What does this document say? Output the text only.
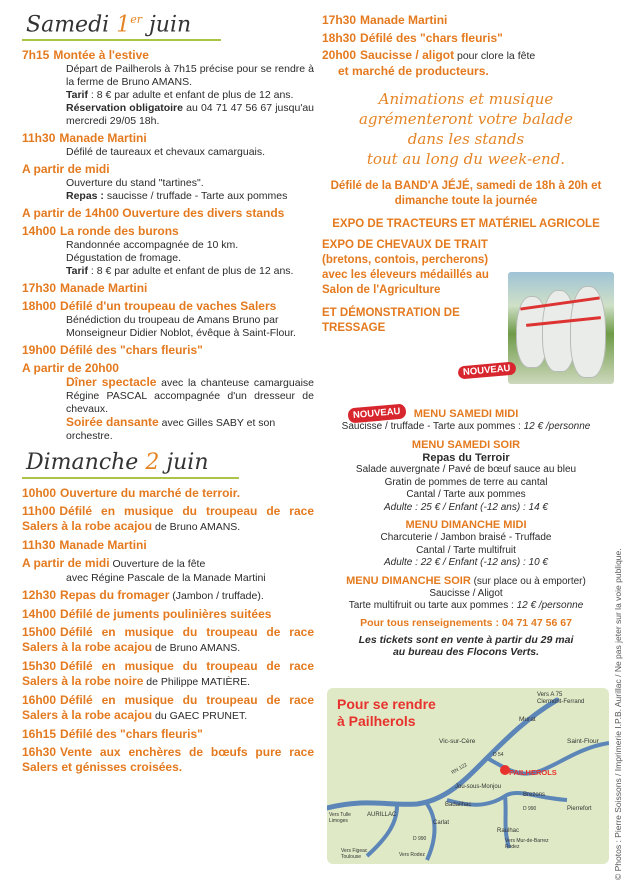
Samedi 1er juin
7h15 Montée à l'estive
Départ de Pailherols à 7h15 précise pour se rendre à la ferme de Bruno AMANS.
Tarif : 8 € par adulte et enfant de plus de 12 ans.
Réservation obligatoire au 04 71 47 56 67 jusqu'au mercredi 29/05 18h.
11h30 Manade Martini
Défilé de taureaux et chevaux camarguais.
A partir de midi
Ouverture du stand "tartines".
Repas : saucisse / truffade - Tarte aux pommes
A partir de 14h00 Ouverture des divers stands
14h00 La ronde des burons
Randonnée accompagnée de 10 km.
Dégustation de fromage.
Tarif : 8 € par adulte et enfant de plus de 12 ans.
17h30 Manade Martini
18h00 Défilé d'un troupeau de vaches Salers
Bénédiction du troupeau de Amans Bruno par Monseigneur Didier Noblot, évêque à Saint-Flour.
19h00 Défilé des "chars fleuris"
A partir de 20h00
Dîner spectacle avec la chanteuse camarguaise Régine PASCAL accompagnée d'un dresseur de chevaux.
Soirée dansante avec Gilles SABY et son orchestre.
Dimanche 2 juin
10h00 Ouverture du marché de terroir.
11h00 Défilé en musique du troupeau de race Salers à la robe acajou de Bruno AMANS.
11h30 Manade Martini
A partir de midi Ouverture de la fête
avec Régine Pascale de la Manade Martini
12h30 Repas du fromager (Jambon / truffade).
14h00 Défilé de juments poulinières suitées
15h00 Défilé en musique du troupeau de race Salers à la robe acajou de Bruno AMANS.
15h30 Défilé en musique du troupeau de race Salers à la robe noire de Philippe MATIÈRE.
16h00 Défilé en musique du troupeau de race Salers à la robe acajou du GAEC PRUNET.
16h15 Défilé des "chars fleuris"
16h30 Vente aux enchères de bœufs pure race Salers et génisses croisées.
17h30 Manade Martini
18h30 Défilé des "chars fleuris"
20h00 Saucisse / aligot pour clore la fête
et marché de producteurs.
Animations et musique
agrémenteront votre balade
dans les stands
tout au long du week-end.
Défilé de la BAND'A JÉJÉ, samedi de 18h à 20h et dimanche toute la journée
EXPO DE TRACTEURS ET MATÉRIEL AGRICOLE
EXPO DE CHEVAUX DE TRAIT (bretons, contois, percherons) avec les éleveurs médaillés au Salon de l'Agriculture
ET DÉMONSTRATION DE TRESSAGE
NOUVEAU
NOUVEAU	MENU SAMEDI MIDI
Saucisse / truffade - Tarte aux pommes : 12 € /personne
MENU SAMEDI SOIR
Repas du Terroir
Salade auvergnate / Pavé de bœuf sauce au bleu
Gratin de pommes de terre au cantal
Cantal / Tarte aux pommes
Adulte : 25 € / Enfant (-12 ans) : 14 €
MENU DIMANCHE MIDI
Charcuterie / Jambon braisé - Truffade
Cantal / Tarte multifruit
Adulte : 22 € / Enfant (-12 ans) : 10 €
MENU DIMANCHE SOIR (sur place ou à emporter)
Saucisse / Aligot
Tarte multifruit ou tarte aux pommes : 12 € /personne
Pour tous renseignements : 04 71 47 56 67
Les tickets sont en vente à partir du 29 mai
au bureau des Flocons Verts.
Pour se rendre
à Pailherols
Vers A 75
Clermont-Ferrand
Murat
Saint-Flour
Vic-sur-Cère
PAILHEROLS
Jou-sous-Monjou
Badailhac
Brezons
Pierrefort
Carlat
Raulhac
AURILLAC
Vers Tulle
Limoges
Vers Figeac
Toulouse	Vers Rodez
Vers Mur-de-Barrez
Rodez
RN 122
D 990
D 54
D 990	© Photos : Pierre Soissons / Imprimerie I.P.B. Aurillac / Ne pas jeter sur la voie publique.
